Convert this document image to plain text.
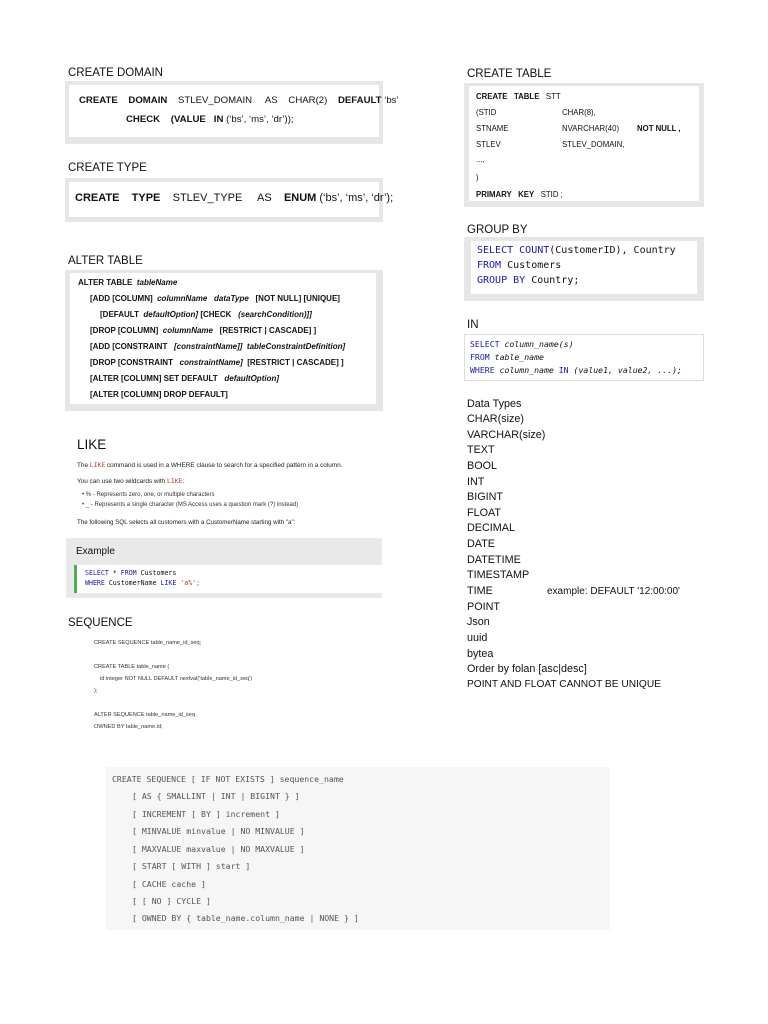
CREATE DOMAIN
CREATE DOMAIN STLEV_DOMAIN AS CHAR(2) DEFAULT ‘bs’
CHECK (VALUE IN (‘bs’, ‘ms’, ‘dr’));
CREATE TYPE
CREATE TYPE STLEV_TYPE AS ENUM (‘bs’, ‘ms’, ‘dr’);
ALTER TABLE
ALTER TABLE tableName
[ADD [COLUMN] columnName dataType [NOT NULL] [UNIQUE]
[DEFAULT defaultOption] [CHECK (searchCondition)]]
[DROP [COLUMN] columnName [RESTRICT | CASCADE] ]
[ADD [CONSTRAINT [constraintName]] tableConstraintDefinition]
[DROP [CONSTRAINT constraintName] [RESTRICT | CASCADE] ]
[ALTER [COLUMN] SET DEFAULT defaultOption]
[ALTER [COLUMN] DROP DEFAULT]
LIKE
The LIKE command is used in a WHERE clause to search for a specified pattern in a column.
You can use two wildcards with LIKE:
• % - Represents zero, one, or multiple characters
• _ - Represents a single character (MS Access uses a question mark (?) instead)
The following SQL selects all customers with a CustomerName starting with "a":
Example
SELECT * FROM Customers
WHERE CustomerName LIKE 'a%';
SEQUENCE
CREATE SEQUENCE table_name_id_seq;
CREATE TABLE table_name (
id integer NOT NULL DEFAULT nextval('table_name_id_seq')
);
ALTER SEQUENCE table_name_id_seq
OWNED BY table_name.id;
CREATE SEQUENCE [ IF NOT EXISTS ] sequence_name
[ AS { SMALLINT | INT | BIGINT } ]
[ INCREMENT [ BY ] increment ]
[ MINVALUE minvalue | NO MINVALUE ]
[ MAXVALUE maxvalue | NO MAXVALUE ]
[ START [ WITH ] start ]
[ CACHE cache ]
[ [ NO ] CYCLE ]
[ OWNED BY { table_name.column_name | NONE } ]
CREATE TABLE
CREATE TABLE STT
(STID	CHAR(8),
STNAME	NVARCHAR(40) NOT NULL ,
STLEV	STLEV_DOMAIN,
...,
)
PRIMARY KEY STID ;
GROUP BY
SELECT COUNT(CustomerID), Country
FROM Customers
GROUP BY Country;
IN
SELECT column_name(s)
FROM table_name
WHERE column_name IN (value1, value2, ...);
Data Types
CHAR(size)
VARCHAR(size)
TEXT
BOOL
INT
BIGINT
FLOAT
DECIMAL
DATE
DATETIME
TIMESTAMP
TIME	example: DEFAULT '12:00:00'
POINT
Json
uuid
bytea
Order by folan [asc|desc]
POINT AND FLOAT CANNOT BE UNIQUE
